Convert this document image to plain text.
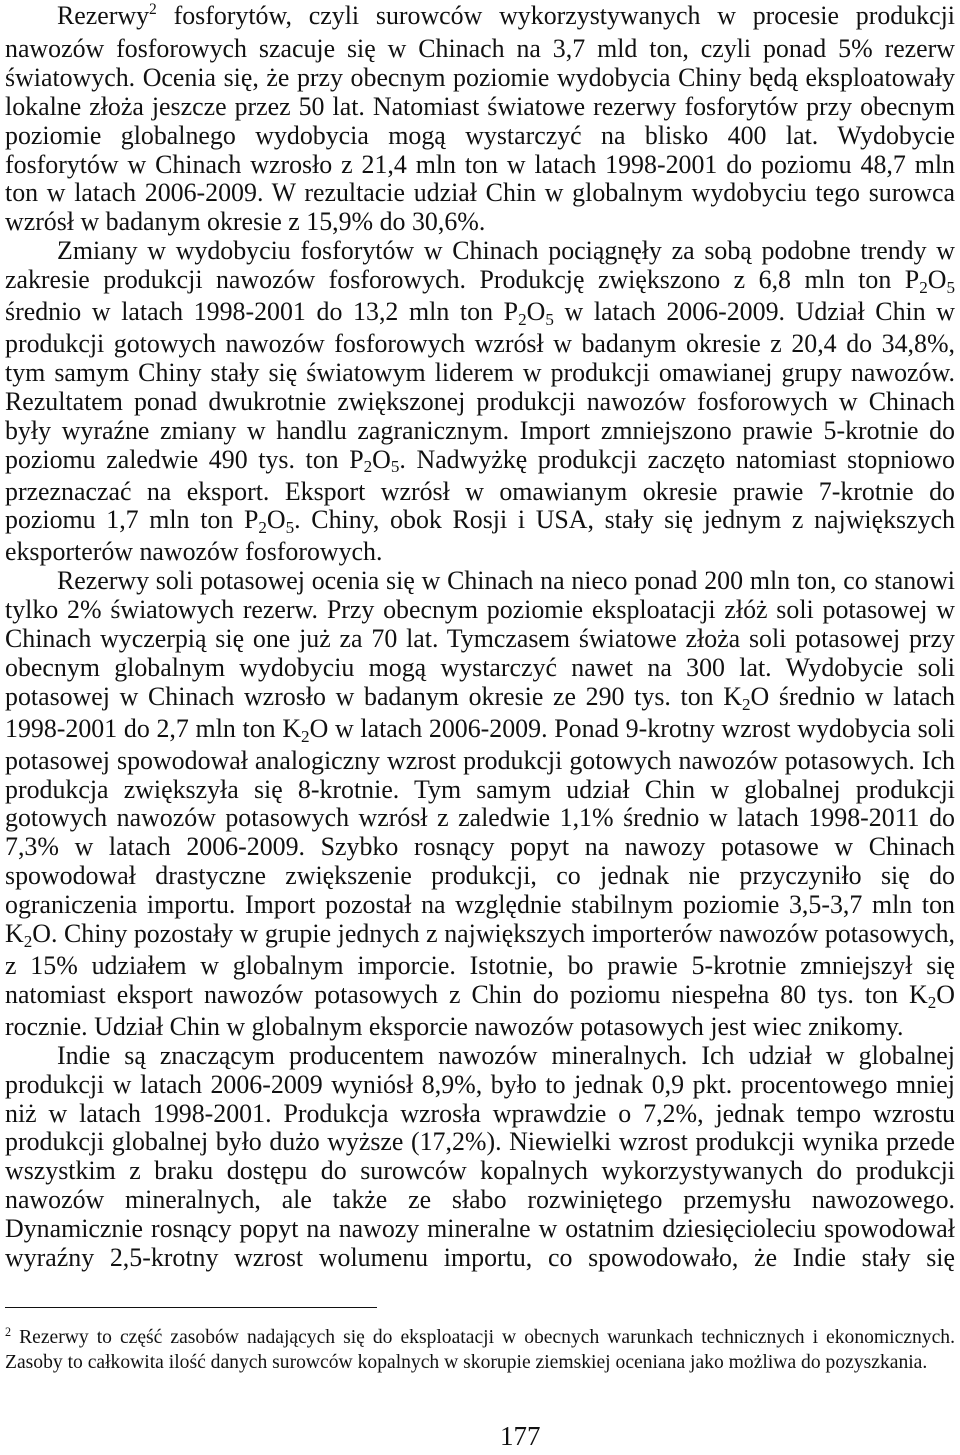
Rezerwy$^2$ fosforytów, czyli surowców wykorzystywanych w procesie produkcji nawozów fosforowych szacuje się w Chinach na 3,7 mld ton, czyli ponad 5% rezerw światowych. Ocenia się, że przy obecnym poziomie wydobycia Chiny będą eksploatowały lokalne złoża jeszcze przez 50 lat. Natomiast światowe rezerwy fosforytów przy obecnym poziomie globalnego wydobycia mogą wystarczyć na blisko 400 lat. Wydobycie fosforytów w Chinach wzrosło z 21,4 mln ton w latach 1998-2001 do poziomu 48,7 mln ton w latach 2006-2009. W rezultacie udział Chin w globalnym wydobyciu tego surowca wzrósł w badanym okresie z 15,9% do 30,6%.

Zmiany w wydobyciu fosforytów w Chinach pociągnęły za sobą podobne trendy w zakresie produkcji nawozów fosforowych. Produkcję zwiększono z 6,8 mln ton P2O5 średnio w latach 1998-2001 do 13,2 mln ton P2O5 w latach 2006-2009. Udział Chin w produkcji gotowych nawozów fosforowych wzrósł w badanym okresie z 20,4 do 34,8%, tym samym Chiny stały się światowym liderem w produkcji omawianej grupy nawozów. Rezultatem ponad dwukrotnie zwiększonej produkcji nawozów fosforowych w Chinach były wyraźne zmiany w handlu zagranicznym. Import zmniejszono prawie 5-krotnie do poziomu zaledwie 490 tys. ton P2O5. Nadwyżkę produkcji zaczęto natomiast stopniowo przeznaczać na eksport. Eksport wzrósł w omawianym okresie prawie 7-krotnie do poziomu 1,7 mln ton P2O5. Chiny, obok Rosji i USA, stały się jednym z największych eksporterów nawozów fosforowych.

Rezerwy soli potasowej ocenia się w Chinach na nieco ponad 200 mln ton, co stanowi tylko 2% światowych rezerw. Przy obecnym poziomie eksploatacji złóż soli potasowej w Chinach wyczerpią się one już za 70 lat. Tymczasem światowe złoża soli potasowej przy obecnym globalnym wydobyciu mogą wystarczyć nawet na 300 lat. Wydobycie soli potasowej w Chinach wzrosło w badanym okresie ze 290 tys. ton K2O średnio w latach 1998-2001 do 2,7 mln ton K2O w latach 2006-2009. Ponad 9-krotny wzrost wydobycia soli potasowej spowodował analogiczny wzrost produkcji gotowych nawozów potasowych. Ich produkcja zwiększyła się 8-krotnie. Tym samym udział Chin w globalnej produkcji gotowych nawozów potasowych wzrósł z zaledwie 1,1% średnio w latach 1998-2011 do 7,3% w latach 2006-2009. Szybko rosnący popyt na nawozy potasowe w Chinach spowodował drastyczne zwiększenie produkcji, co jednak nie przyczyniło się do ograniczenia importu. Import pozostał na względnie stabilnym poziomie 3,5-3,7 mln ton K2O. Chiny pozostały w grupie jednych z największych importerów nawozów potasowych, z 15% udziałem w globalnym imporcie. Istotnie, bo prawie 5-krotnie zmniejszył się natomiast eksport nawozów potasowych z Chin do poziomu niespełna 80 tys. ton K2O rocznie. Udział Chin w globalnym eksporcie nawozów potasowych jest wiec znikomy.

Indie są znaczącym producentem nawozów mineralnych. Ich udział w globalnej produkcji w latach 2006-2009 wyniósł 8,9%, było to jednak 0,9 pkt. procentowego mniej niż w latach 1998-2001. Produkcja wzrosła wprawdzie o 7,2%, jednak tempo wzrostu produkcji globalnej było dużo wyższe (17,2%). Niewielki wzrost produkcji wynika przede wszystkim z braku dostępu do surowców kopalnych wykorzystywanych do produkcji nawozów mineralnych, ale także ze słabo rozwiniętego przemysłu nawozowego. Dynamicznie rosnący popyt na nawozy mineralne w ostatnim dziesięcioleciu spowodował wyraźny 2,5-krotny wzrost wolumenu importu, co spowodowało, że Indie stały się

$^2$ Rezerwy to część zasobów nadających się do eksploatacji w obecnych warunkach technicznych i ekonomicznych. Zasoby to całkowita ilość danych surowców kopalnych w skorupie ziemskiej oceniana jako możliwa do pozyszkania.

177
